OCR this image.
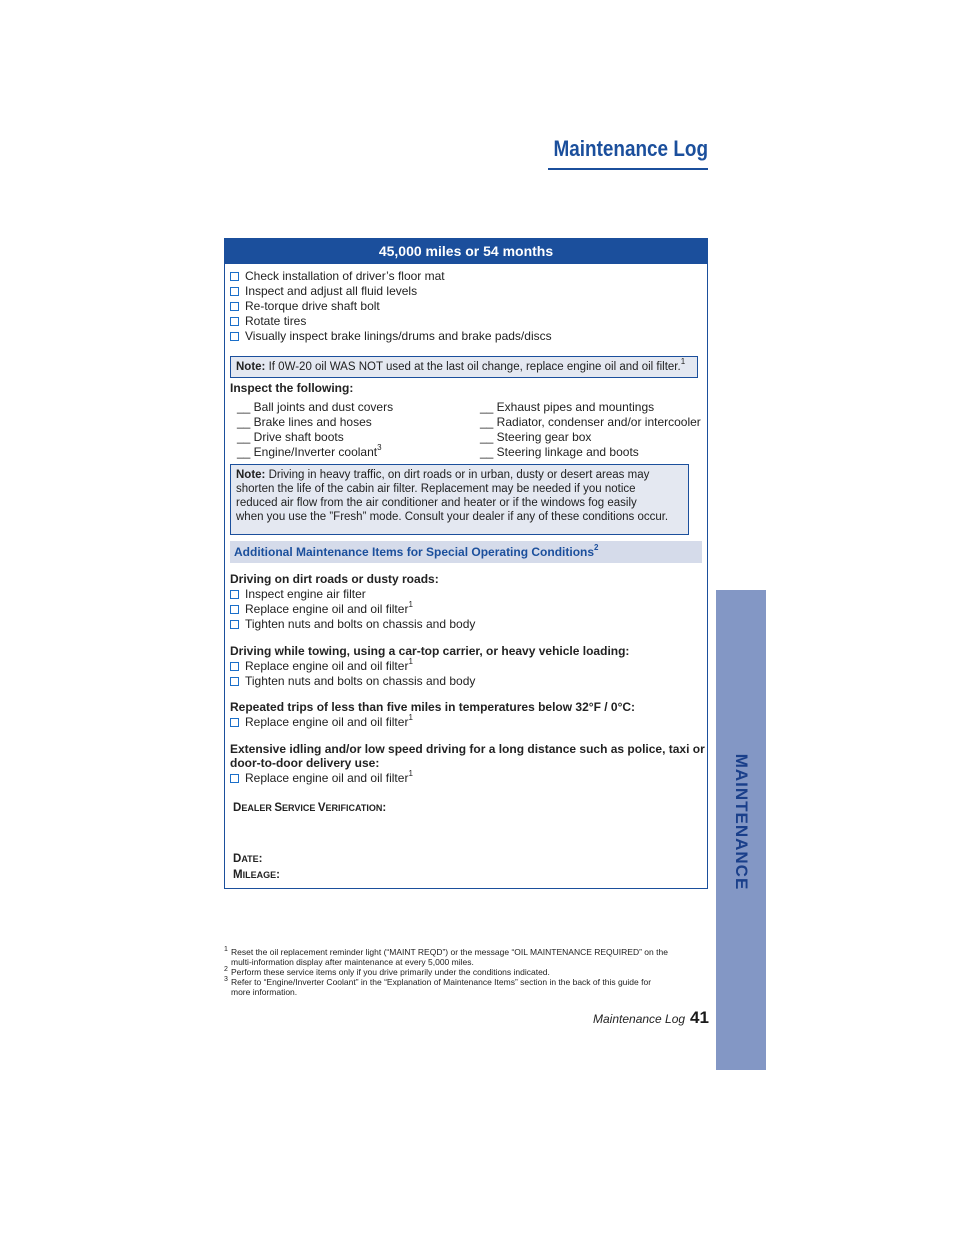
Maintenance Log
45,000 miles or 54 months
Check installation of driver’s floor mat
Inspect and adjust all fluid levels
Re-torque drive shaft bolt
Rotate tires
Visually inspect brake linings/drums and brake pads/discs
Note: If 0W-20 oil WAS NOT used at the last oil change, replace engine oil and oil filter.$^1$
Inspect the following:
__ Ball joints and dust covers
__ Brake lines and hoses
__ Drive shaft boots
__ Engine/Inverter coolant$^3$
__ Exhaust pipes and mountings
__ Radiator, condenser and/or intercooler
__ Steering gear box
__ Steering linkage and boots
Note: Driving in heavy traffic, on dirt roads or in urban, dusty or desert areas may
shorten the life of the cabin air filter. Replacement may be needed if you notice
reduced air flow from the air conditioner and heater or if the windows fog easily
when you use the ”Fresh” mode. Consult your dealer if any of these conditions occur.
Additional Maintenance Items for Special Operating Conditions$^2$
Driving on dirt roads or dusty roads:
Inspect engine air filter
Replace engine oil and oil filter$^1$
Tighten nuts and bolts on chassis and body
Driving while towing, using a car-top carrier, or heavy vehicle loading:
Replace engine oil and oil filter$^1$
Tighten nuts and bolts on chassis and body
Repeated trips of less than five miles in temperatures below 32°F / 0°C:
Replace engine oil and oil filter$^1$
Extensive idling and/or low speed driving for a long distance such as police, taxi or
door-to-door delivery use:
Replace engine oil and oil filter$^1$
DEALER SERVICE VERIFICATION:
DATE:
MILEAGE:
1 Reset the oil replacement reminder light (“MAINT REQD”) or the message “OIL MAINTENANCE REQUIRED” on the
multi-information display after maintenance at every 5,000 miles.
2 Perform these service items only if you drive primarily under the conditions indicated.
3 Refer to “Engine/Inverter Coolant” in the “Explanation of Maintenance Items” section in the back of this guide for
more information.
Maintenance Log 41
MAINTENANCE
